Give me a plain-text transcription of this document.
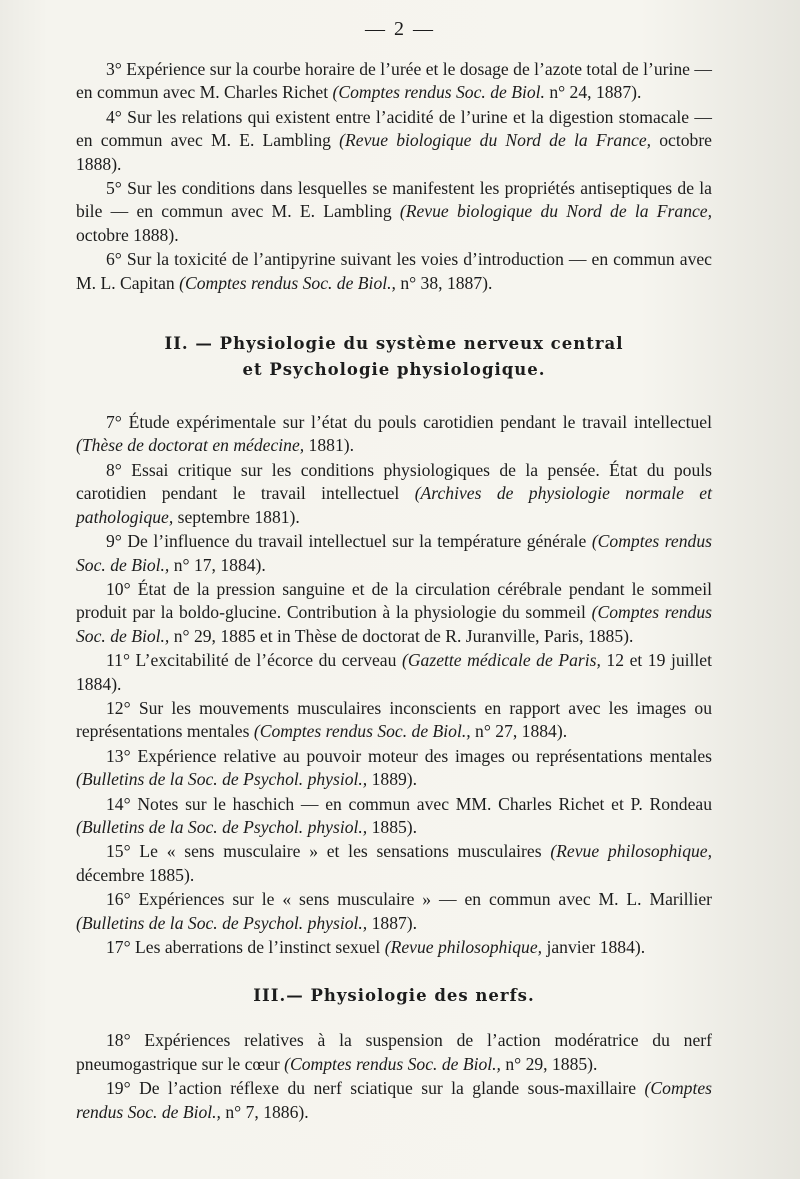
— 2 —

3° Expérience sur la courbe horaire de l’urée et le dosage de l’azote total de l’urine — en commun avec M. Charles Richet (Comptes rendus Soc. de Biol. n° 24, 1887).

4° Sur les relations qui existent entre l’acidité de l’urine et la digestion stomacale — en commun avec M. E. Lambling (Revue biologique du Nord de la France, octobre 1888).

5° Sur les conditions dans lesquelles se manifestent les propriétés antiseptiques de la bile — en commun avec M. E. Lambling (Revue biologique du Nord de la France, octobre 1888).

6° Sur la toxicité de l’antipyrine suivant les voies d’introduction — en commun avec M. L. Capitan (Comptes rendus Soc. de Biol., n° 38, 1887).

II. — Physiologie du système nerveux central
et Psychologie physiologique.

7° Étude expérimentale sur l’état du pouls carotidien pendant le travail intellectuel (Thèse de doctorat en médecine, 1881).

8° Essai critique sur les conditions physiologiques de la pensée. État du pouls carotidien pendant le travail intellectuel (Archives de physiologie normale et pathologique, septembre 1881).

9° De l’influence du travail intellectuel sur la température générale (Comptes rendus Soc. de Biol., n° 17, 1884).

10° État de la pression sanguine et de la circulation cérébrale pendant le sommeil produit par la boldo-glucine. Contribution à la physiologie du sommeil (Comptes rendus Soc. de Biol., n° 29, 1885 et in Thèse de doctorat de R. Juranville, Paris, 1885).

11° L’excitabilité de l’écorce du cerveau (Gazette médicale de Paris, 12 et 19 juillet 1884).

12° Sur les mouvements musculaires inconscients en rapport avec les images ou représentations mentales (Comptes rendus Soc. de Biol., n° 27, 1884).

13° Expérience relative au pouvoir moteur des images ou représentations mentales (Bulletins de la Soc. de Psychol. physiol., 1889).

14° Notes sur le haschich — en commun avec MM. Charles Richet et P. Rondeau (Bulletins de la Soc. de Psychol. physiol., 1885).

15° Le « sens musculaire » et les sensations musculaires (Revue philosophique, décembre 1885).

16° Expériences sur le « sens musculaire » — en commun avec M. L. Marillier (Bulletins de la Soc. de Psychol. physiol., 1887).

17° Les aberrations de l’instinct sexuel (Revue philosophique, janvier 1884).

III.— Physiologie des nerfs.

18° Expériences relatives à la suspension de l’action modératrice du nerf pneumogastrique sur le cœur (Comptes rendus Soc. de Biol., n° 29, 1885).

19° De l’action réflexe du nerf sciatique sur la glande sous-maxillaire (Comptes rendus Soc. de Biol., n° 7, 1886).
